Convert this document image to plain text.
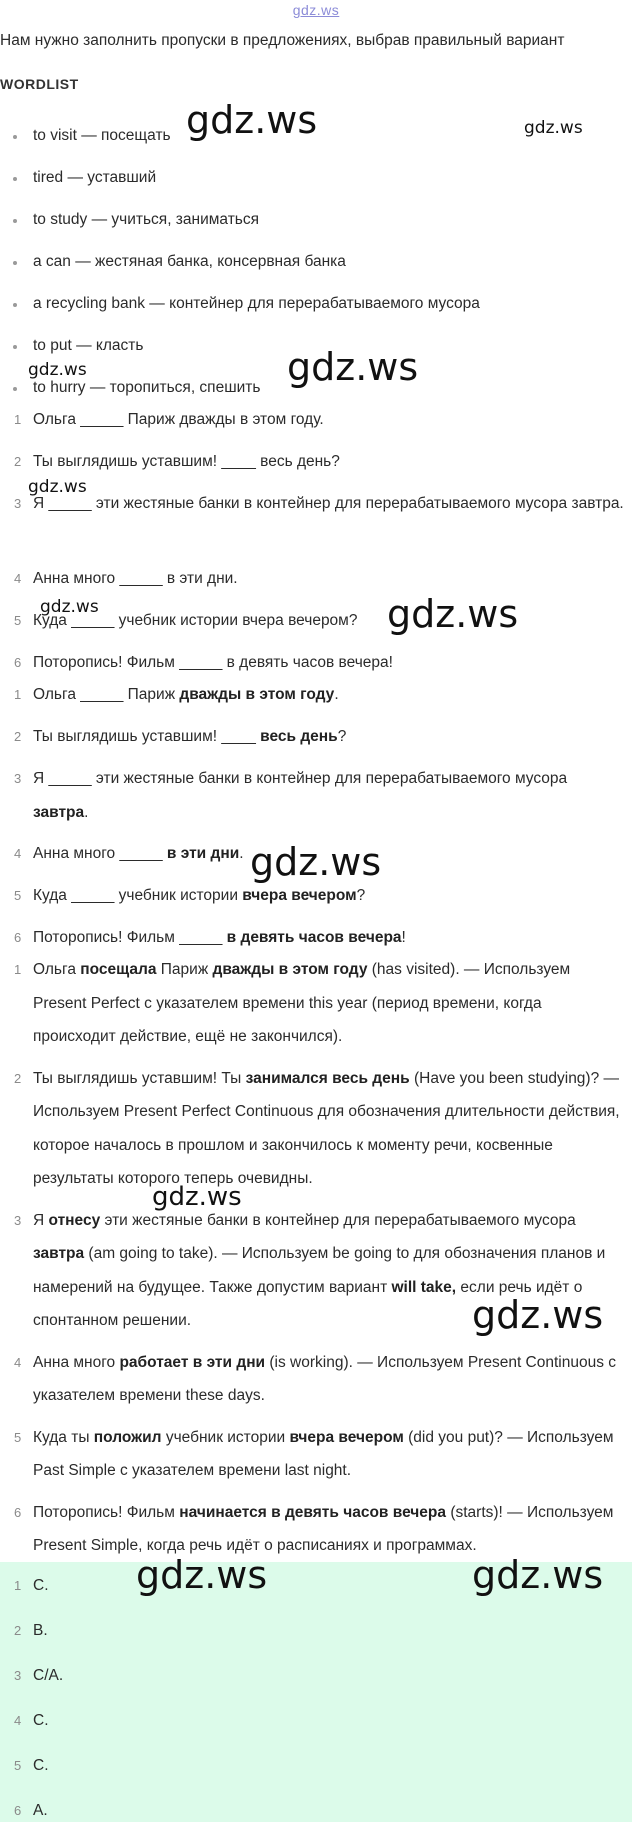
gdz.ws
Нам нужно заполнить пропуски в предложениях, выбрав правильный вариант
WORDLIST
to visit — посещать
tired — уставший
to study — учиться, заниматься
a can — жестяная банка, консервная банка
a recycling bank — контейнер для перерабатываемого мусора
to put — класть
to hurry — торопиться, спешить
1 Ольга _____ Париж дважды в этом году.
2 Ты выглядишь уставшим! ____ весь день?
3 Я _____ эти жестяные банки в контейнер для перерабатываемого мусора завтра.
4 Анна много _____ в эти дни.
5 Куда _____ учебник истории вчера вечером?
6 Поторопись! Фильм _____ в девять часов вечера!
1 Ольга _____ Париж дважды в этом году.
2 Ты выглядишь уставшим! ____ весь день?
3 Я _____ эти жестяные банки в контейнер для перерабатываемого мусора завтра.
4 Анна много _____ в эти дни.
5 Куда _____ учебник истории вчера вечером?
6 Поторопись! Фильм _____ в девять часов вечера!
1 Ольга посещала Париж дважды в этом году (has visited). — Используем Present Perfect с указателем времени this year (период времени, когда происходит действие, ещё не закончился).
2 Ты выглядишь уставшим! Ты занимался весь день (Have you been studying)? — Используем Present Perfect Continuous для обозначения длительности действия, которое началось в прошлом и закончилось к моменту речи, косвенные результаты которого теперь очевидны.
3 Я отнесу эти жестяные банки в контейнер для перерабатываемого мусора завтра (am going to take). — Используем be going to для обозначения планов и намерений на будущее. Также допустим вариант will take, если речь идёт о спонтанном решении.
4 Анна много работает в эти дни (is working). — Используем Present Continuous с указателем времени these days.
5 Куда ты положил учебник истории вчера вечером (did you put)? — Используем Past Simple с указателем времени last night.
6 Поторопись! Фильм начинается в девять часов вечера (starts)! — Используем Present Simple, когда речь идёт о расписаниях и программах.
1 C.
2 B.
3 C/A.
4 C.
5 C.
6 A.
gdz.ws	gdz.ws
gdz.ws
gdz.ws
gdz.ws
gdz.ws	gdz.ws
gdz.ws
gdz.ws
gdz.ws
gdz.ws	gdz.ws
